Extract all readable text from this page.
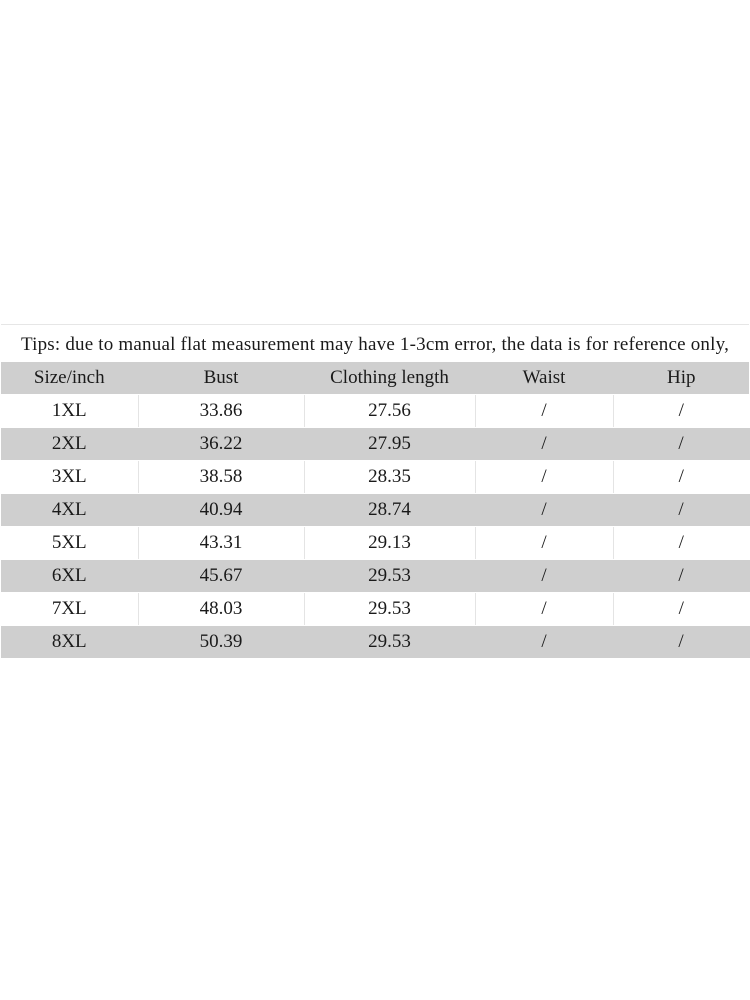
Tips: due to manual flat measurement may have 1-3cm error, the data is for reference only,

Size/inch	Bust	Clothing length	Waist	Hip
1XL	33.86	27.56	/	/
2XL	36.22	27.95	/	/
3XL	38.58	28.35	/	/
4XL	40.94	28.74	/	/
5XL	43.31	29.13	/	/
6XL	45.67	29.53	/	/
7XL	48.03	29.53	/	/
8XL	50.39	29.53	/	/
